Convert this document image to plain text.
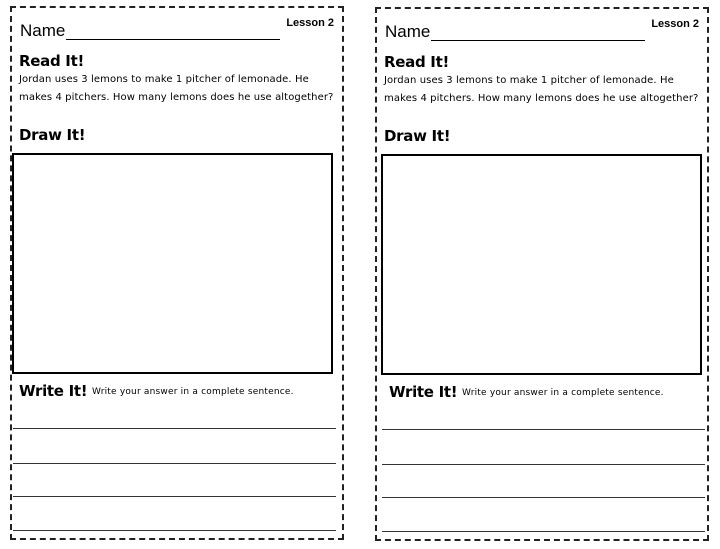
Name	Lesson 2
Read It!
Jordan uses 3 lemons to make 1 pitcher of lemonade. He makes 4 pitchers. How many lemons does he use altogether?
Draw It!
Write It! Write your answer in a complete sentence.
Name	Lesson 2
Read It!
Jordan uses 3 lemons to make 1 pitcher of lemonade. He makes 4 pitchers. How many lemons does he use altogether?
Draw It!
Write It! Write your answer in a complete sentence.
